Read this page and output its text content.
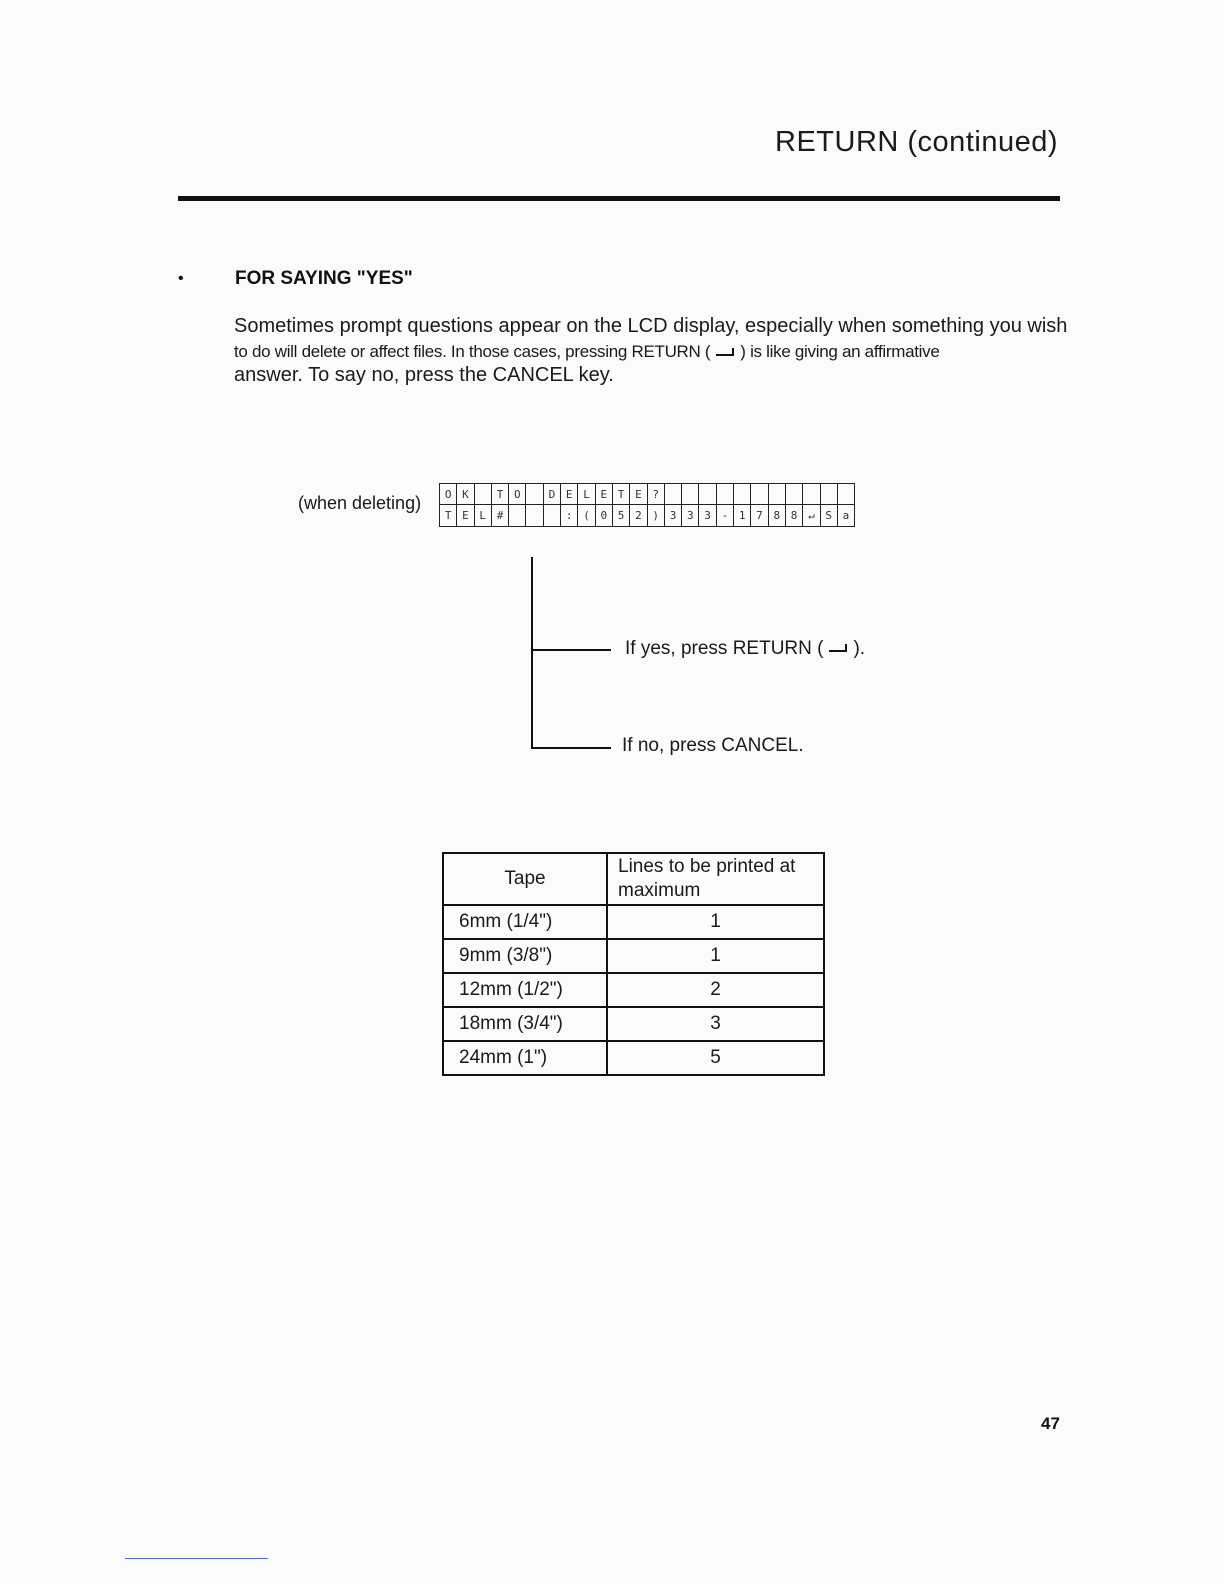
RETURN (continued)
•	FOR SAYING "YES"
Sometimes prompt questions appear on the LCD display, especially when something you wish
to do will delete or affect files. In those cases, pressing RETURN ( ) is like giving an affirmative
answer. To say no, press the CANCEL key.
(when deleting) O	K		T	O		D	E	L	E	T	E	?											
T	E	L	#				:	(	0	5	2	)	3	3	3	-	1	7	8	8	↵	S	a
If yes, press RETURN ( ).
If no, press CANCEL.
Tape	Lines to be printed at maximum
6mm (1/4")	1
9mm (3/8")	1
12mm (1/2")	2
18mm (3/4")	3
24mm (1")	5
47
